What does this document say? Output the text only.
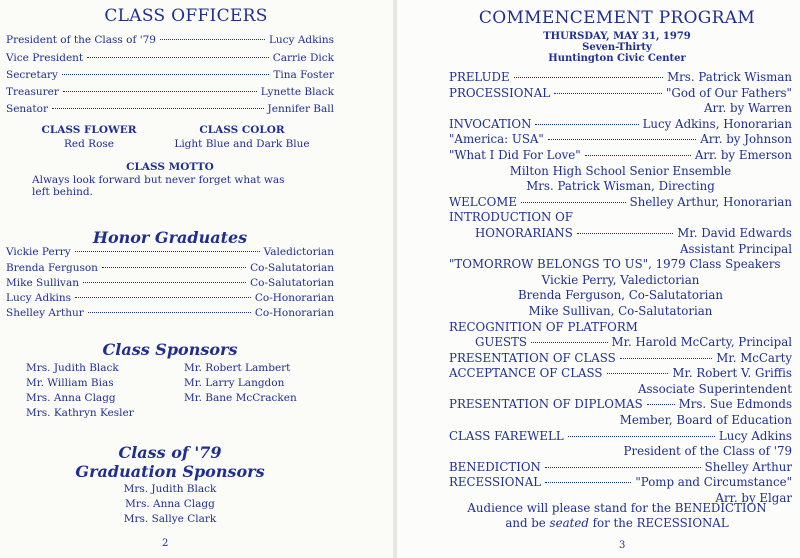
CLASS OFFICERS
President of the Class of '79	Lucy Adkins
Vice President	Carrie Dick
Secretary	Tina Foster
Treasurer	Lynette Black
Senator	Jennifer Ball
CLASS FLOWER
Red Rose
CLASS COLOR
Light Blue and Dark Blue
CLASS MOTTO
Always look forward but never forget what was
left behind.
Honor Graduates
Vickie Perry	Valedictorian
Brenda Ferguson	Co-Salutatorian
Mike Sullivan	Co-Salutatorian
Lucy Adkins	Co-Honorarian
Shelley Arthur	Co-Honorarian
Class Sponsors
Mrs. Judith Black
Mr. William Bias
Mrs. Anna Clagg
Mrs. Kathryn Kesler
Mr. Robert Lambert
Mr. Larry Langdon
Mr. Bane McCracken
Class of '79
Graduation Sponsors
Mrs. Judith Black
Mrs. Anna Clagg
Mrs. Sallye Clark
2
COMMENCEMENT PROGRAM
THURSDAY, MAY 31, 1979
Seven-Thirty
Huntington Civic Center
PRELUDE	Mrs. Patrick Wisman
PROCESSIONAL	"God of Our Fathers"
Arr. by Warren
INVOCATION	Lucy Adkins, Honorarian
"America: USA"	Arr. by Johnson
"What I Did For Love"	Arr. by Emerson
Milton High School Senior Ensemble
Mrs. Patrick Wisman, Directing
WELCOME	Shelley Arthur, Honorarian
INTRODUCTION OF
HONORARIANS	Mr. David Edwards
Assistant Principal
"TOMORROW BELONGS TO US", 1979 Class Speakers
Vickie Perry, Valedictorian
Brenda Ferguson, Co-Salutatorian
Mike Sullivan, Co-Salutatorian
RECOGNITION OF PLATFORM
GUESTS	Mr. Harold McCarty, Principal
PRESENTATION OF CLASS	Mr. McCarty
ACCEPTANCE OF CLASS	Mr. Robert V. Griffis
Associate Superintendent
PRESENTATION OF DIPLOMAS	Mrs. Sue Edmonds
Member, Board of Education
CLASS FAREWELL	Lucy Adkins
President of the Class of '79
BENEDICTION	Shelley Arthur
RECESSIONAL	"Pomp and Circumstance"
Arr. by Elgar
Audience will please stand for the BENEDICTION
and be seated for the RECESSIONAL
3
